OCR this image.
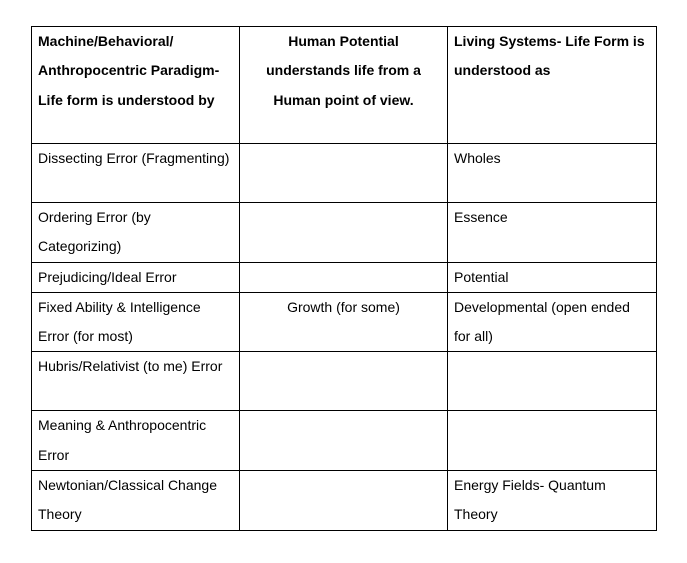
Machine/Behavioral/ Anthropocentric Paradigm-Life form is understood by	Human Potential understands life from a Human point of view.	Living Systems- Life Form is understood as
Dissecting Error (Fragmenting)		Wholes
Ordering Error (by Categorizing)		Essence
Prejudicing/Ideal Error		Potential
Fixed Ability & Intelligence Error (for most)	Growth (for some)	Developmental (open ended for all)
Hubris/Relativist (to me) Error		
Meaning & Anthropocentric Error		
Newtonian/Classical Change Theory		Energy Fields- Quantum Theory
